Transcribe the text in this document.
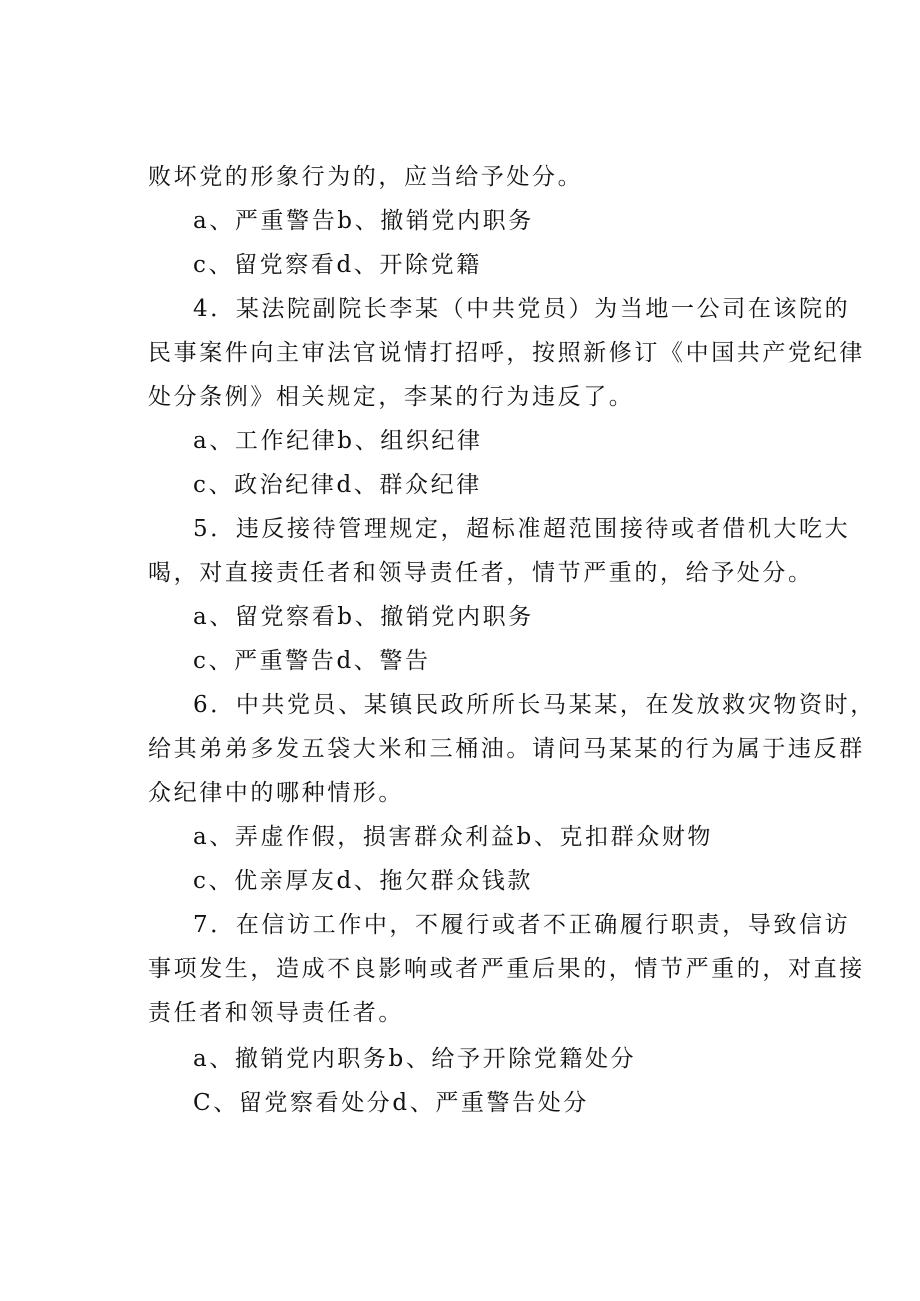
败坏党的形象行为的，应当给予处分。
a、严重警告b、撤销党内职务
c、留党察看d、开除党籍
4．某法院副院长李某（中共党员）为当地一公司在该院的
民事案件向主审法官说情打招呼，按照新修订《中国共产党纪律
处分条例》相关规定，李某的行为违反了。
a、工作纪律b、组织纪律
c、政治纪律d、群众纪律
5．违反接待管理规定，超标准超范围接待或者借机大吃大
喝，对直接责任者和领导责任者，情节严重的，给予处分。
a、留党察看b、撤销党内职务
c、严重警告d、警告
6．中共党员、某镇民政所所长马某某，在发放救灾物资时，
给其弟弟多发五袋大米和三桶油。请问马某某的行为属于违反群
众纪律中的哪种情形。
a、弄虚作假，损害群众利益b、克扣群众财物
c、优亲厚友d、拖欠群众钱款
7．在信访工作中，不履行或者不正确履行职责，导致信访
事项发生，造成不良影响或者严重后果的，情节严重的，对直接
责任者和领导责任者。
a、撤销党内职务b、给予开除党籍处分
C、留党察看处分d、严重警告处分
